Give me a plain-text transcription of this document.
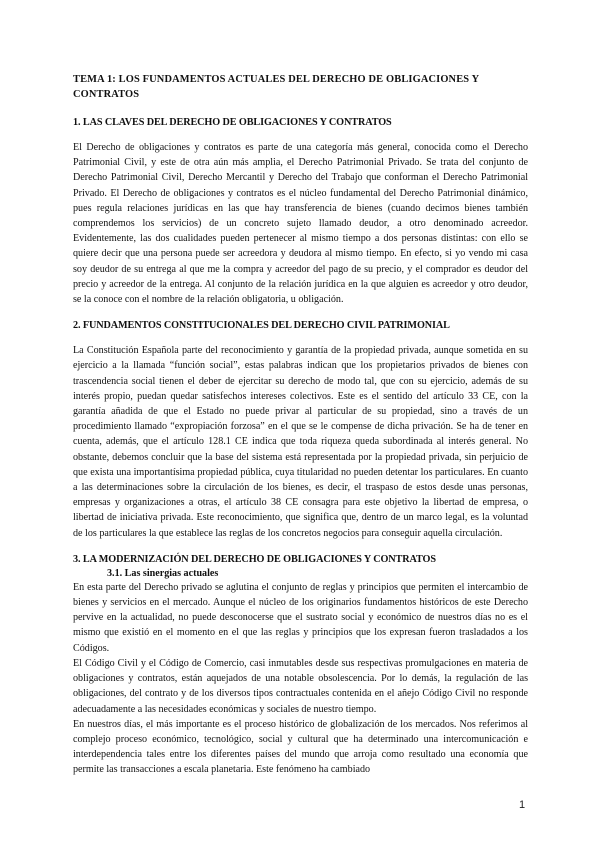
TEMA 1: LOS FUNDAMENTOS ACTUALES DEL DERECHO DE OBLIGACIONES Y CONTRATOS
1. LAS CLAVES DEL DERECHO DE OBLIGACIONES Y CONTRATOS

El Derecho de obligaciones y contratos es parte de una categoría más general, conocida como el Derecho Patrimonial Civil, y este de otra aún más amplia, el Derecho Patrimonial Privado. Se trata del conjunto de Derecho Patrimonial Civil, Derecho Mercantil y Derecho del Trabajo que conforman el Derecho Patrimonial Privado. El Derecho de obligaciones y contratos es el núcleo fundamental del Derecho Patrimonial dinámico, pues regula relaciones jurídicas en las que hay transferencia de bienes (cuando decimos bienes también comprendemos los servicios) de un concreto sujeto llamado deudor, a otro denominado acreedor. Evidentemente, las dos cualidades pueden pertenecer al mismo tiempo a dos personas distintas: con ello se quiere decir que una persona puede ser acreedora y deudora al mismo tiempo. En efecto, si yo vendo mi casa soy deudor de su entrega al que me la compra y acreedor del pago de su precio, y el comprador es deudor del precio y acreedor de la entrega. Al conjunto de la relación jurídica en la que alguien es acreedor y otro deudor, se la conoce con el nombre de la relación obligatoria, u obligación.

2. FUNDAMENTOS CONSTITUCIONALES DEL DERECHO CIVIL PATRIMONIAL

La Constitución Española parte del reconocimiento y garantía de la propiedad privada, aunque sometida en su ejercicio a la llamada “función social”, estas palabras indican que los propietarios privados de bienes con trascendencia social tienen el deber de ejercitar su derecho de modo tal, que con su ejercicio, además de su interés propio, puedan quedar satisfechos intereses colectivos. Este es el sentido del artículo 33 CE, con la garantía añadida de que el Estado no puede privar al particular de su propiedad, sino a través de un procedimiento llamado “expropiación forzosa” en el que se le compense de dicha privación. Se ha de tener en cuenta, además, que el artículo 128.1 CE indica que toda riqueza queda subordinada al interés general. No obstante, debemos concluir que la base del sistema está representada por la propiedad privada, sin perjuicio de que exista una importantísima propiedad pública, cuya titularidad no pueden detentar los particulares. En cuanto a las determinaciones sobre la circulación de los bienes, es decir, el traspaso de estos desde unas personas, empresas y organizaciones a otras, el artículo 38 CE consagra para este objetivo la libertad de empresa, o libertad de iniciativa privada. Este reconocimiento, que significa que, dentro de un marco legal, es la voluntad de los particulares la que establece las reglas de los concretos negocios para conseguir aquella circulación.

3. LA MODERNIZACIÓN DEL DERECHO DE OBLIGACIONES Y CONTRATOS
3.1. Las sinergias actuales

En esta parte del Derecho privado se aglutina el conjunto de reglas y principios que permiten el intercambio de bienes y servicios en el mercado. Aunque el núcleo de los originarios fundamentos históricos de este Derecho pervive en la actualidad, no puede desconocerse que el sustrato social y económico de nuestros días no es el mismo que existió en el momento en el que las reglas y principios que los expresan fueron trasladados a los Códigos.

El Código Civil y el Código de Comercio, casi inmutables desde sus respectivas promulgaciones en materia de obligaciones y contratos, están aquejados de una notable obsolescencia. Por lo demás, la regulación de las obligaciones, del contrato y de los diversos tipos contractuales contenida en el añejo Código Civil no responde adecuadamente a las necesidades económicas y sociales de nuestro tiempo.

En nuestros días, el más importante es el proceso histórico de globalización de los mercados. Nos referimos al complejo proceso económico, tecnológico, social y cultural que ha determinado una intercomunicación e interdependencia tales entre los diferentes países del mundo que arroja como resultado una economía que permite las transacciones a escala planetaria. Este fenómeno ha cambiado

1
